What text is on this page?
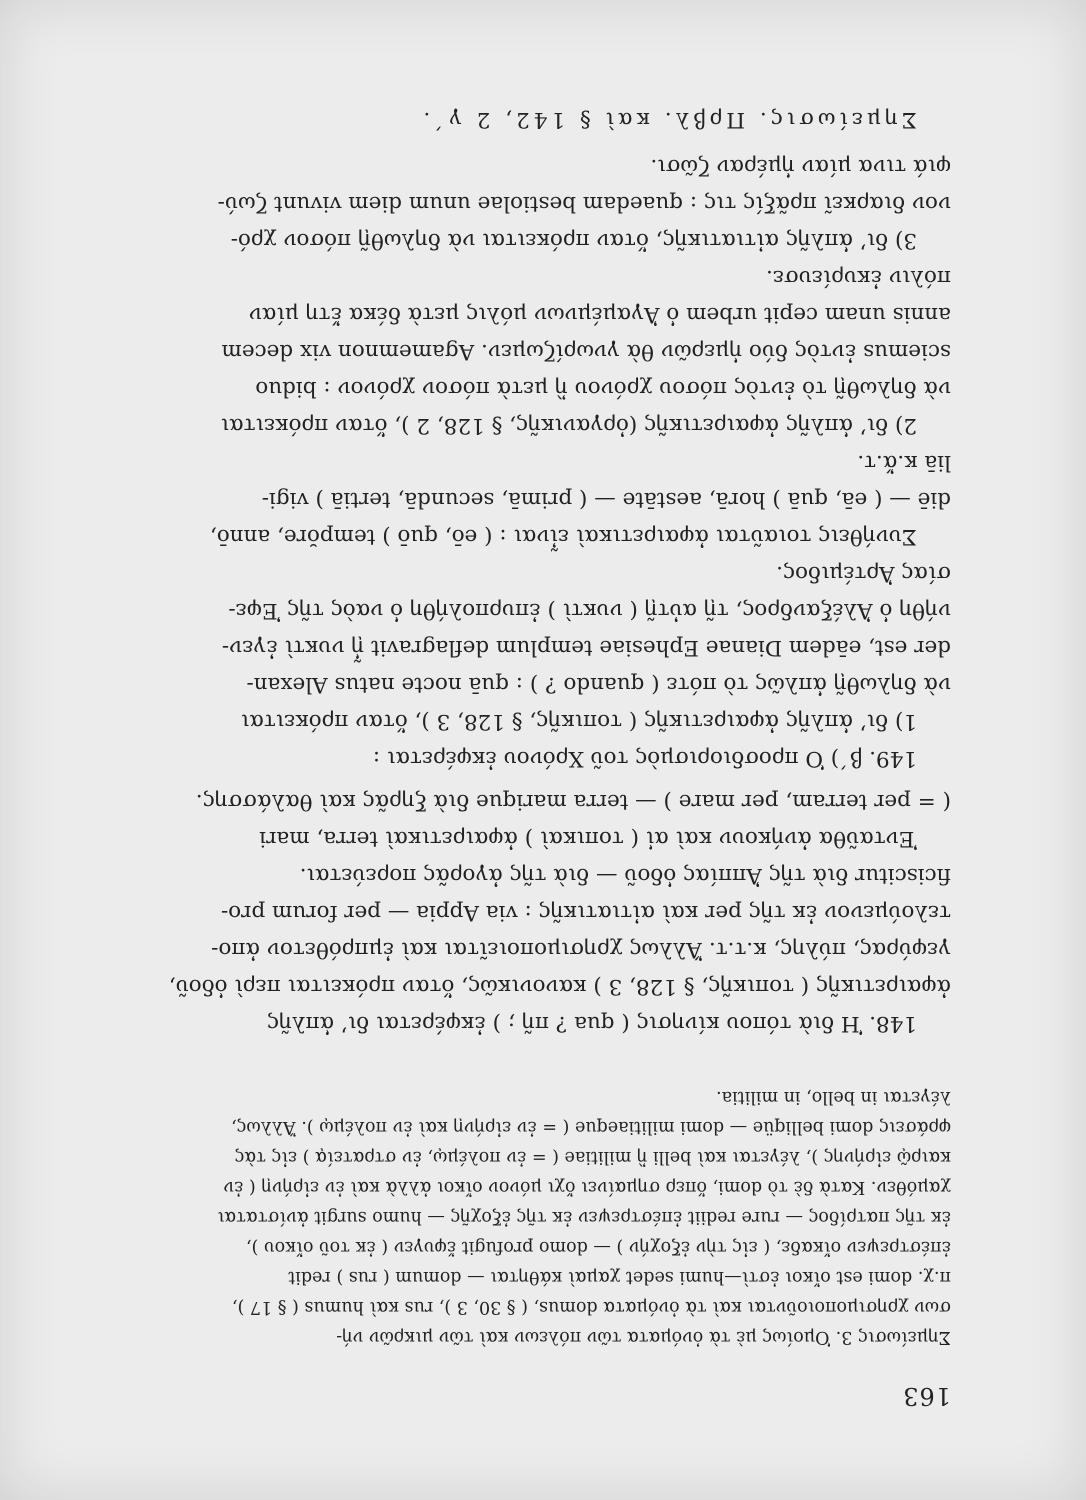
163

Σημείωσις 3. Ὁμοίως μὲ τὰ ὀνόματα τῶν πόλεων καὶ τῶν μικρῶν νή-

σων χρησιμοποιοῦνται καὶ τὰ ὀνόματα domus, ( § 30, 3 ), rus καὶ humus ( § 17 ),

π.χ. domi est οἴκοι ἐστὶ—humi sedet χαμαὶ κάθηται — domum ( rus ) redit

ἐπέστρεψεν οἴκαδε, ( εἰς τὴν ἐξοχήν ) — domo profugit ἔφυγεν ( ἐκ τοῦ οἴκου ),

ἐκ τῆς πατρίδος — rure rediit ἐπέστρεψεν ἐκ τῆς ἐξοχῆς — humo surgit ἀνίσταται

χαμόθεν. Κατὰ δὲ τὸ domi, ὅπερ σημαίνει ὄχι μόνον οἴκοι ἀλλὰ καὶ ἐν εἰρήνῃ ( ἐν

καιρῷ εἰρήνης ), λέγεται καὶ belli ἢ militiae ( = ἐν πολέμῳ, ἐν στρατείᾳ ) εἰς τὰς

φράσεις domi belliqüe — domi militiaeque ( = ἐν εἰρήνῃ καὶ ἐν πολέμῳ ). Ἄλλως,

λέγεται in bello, in militia.

148. Ἡ διὰ τόπου κίνησις ( qua ? πῆ ; ) ἐκφέρεται δι’ ἁπλῆς

ἀφαιρετικῆς ( τοπικῆς, § 128, 3 ) κανονικῶς, ὅταν πρόκειται περὶ ὁδοῦ,

γεφύρας, πύλης, κ.τ.τ. Ἄλλως χρησιμοποιεῖται καὶ ἐμπρόθετον ἀπο-

τελούμενον ἐκ τῆς per καὶ αἰτιατικῆς : via Appia — per forum pro-

ficiscitur διὰ τῆς Ἀππίας ὁδοῦ — διὰ τῆς ἀγορᾶς πορεύεται.

Ἐνταῦθα ἀνήκουν καὶ αἱ ( τοπικαὶ ) ἀφαιρετικαὶ terra, mari

( = per terram, per mare ) — terra marique διὰ ξηρᾶς καὶ θαλάσσης.

149. β΄) Ὁ προσδιορισμὸς τοῦ Χρόνου ἐκφέρεται :

1) δι’ ἁπλῆς ἀφαιρετικῆς ( τοπικῆς, § 128, 3 ), ὅταν πρόκειται

νὰ δηλωθῇ ἁπλῶς τὸ πότε ( quando ? ) : quā nocte natus Alexan-

der est, eādem Dianae Ephesiae templum deflagravit ᾗ νυκτὶ ἐγεν-

νήθη ὁ Ἀλέξανδρος, τῇ αὐτῇ ( νυκτὶ ) ἐπυρπολήθη ὁ ναὸς τῆς Ἐφε-

σίας Ἀρτέμιδος.

Συνήθεις τοιαῦται ἀφαιρετικαὶ εἶναι : ( eō, quō ) tempŏre, annō,

diē — ( eā, quā ) horā, aestāte — ( primā, secundā, tertiā ) vigi-

liā κ.ἄ.τ.

2) δι’ ἁπλῆς ἀφαιρετικῆς (ὀργανικῆς, § 128, 2 ), ὅταν πρόκειται

νὰ δηλωθῇ τὸ ἐντὸς πόσου χρόνου ἢ μετὰ πόσον χρόνον : biduo

sciemus ἐντὸς δύο ἡμερῶν θὰ γνωρίζωμεν. Agamemnon vix decem

annis unam cepit urbem ὁ Ἀγαμέμνων μόλις μετὰ δέκα ἔτη μίαν

πόλιν ἐκυρίευσε.

3) δι’ ἁπλῆς αἰτιατικῆς, ὅταν πρόκειται νὰ δηλωθῇ πόσον χρό-

νον διαρκεῖ πρᾶξίς τις : quaedam bestiolae unum diem vivunt ζωύ-

φιά τινα μίαν ἡμέραν ζῶσι.

Σημείωσις. Πρβλ. καὶ § 142, 2 γ΄.
